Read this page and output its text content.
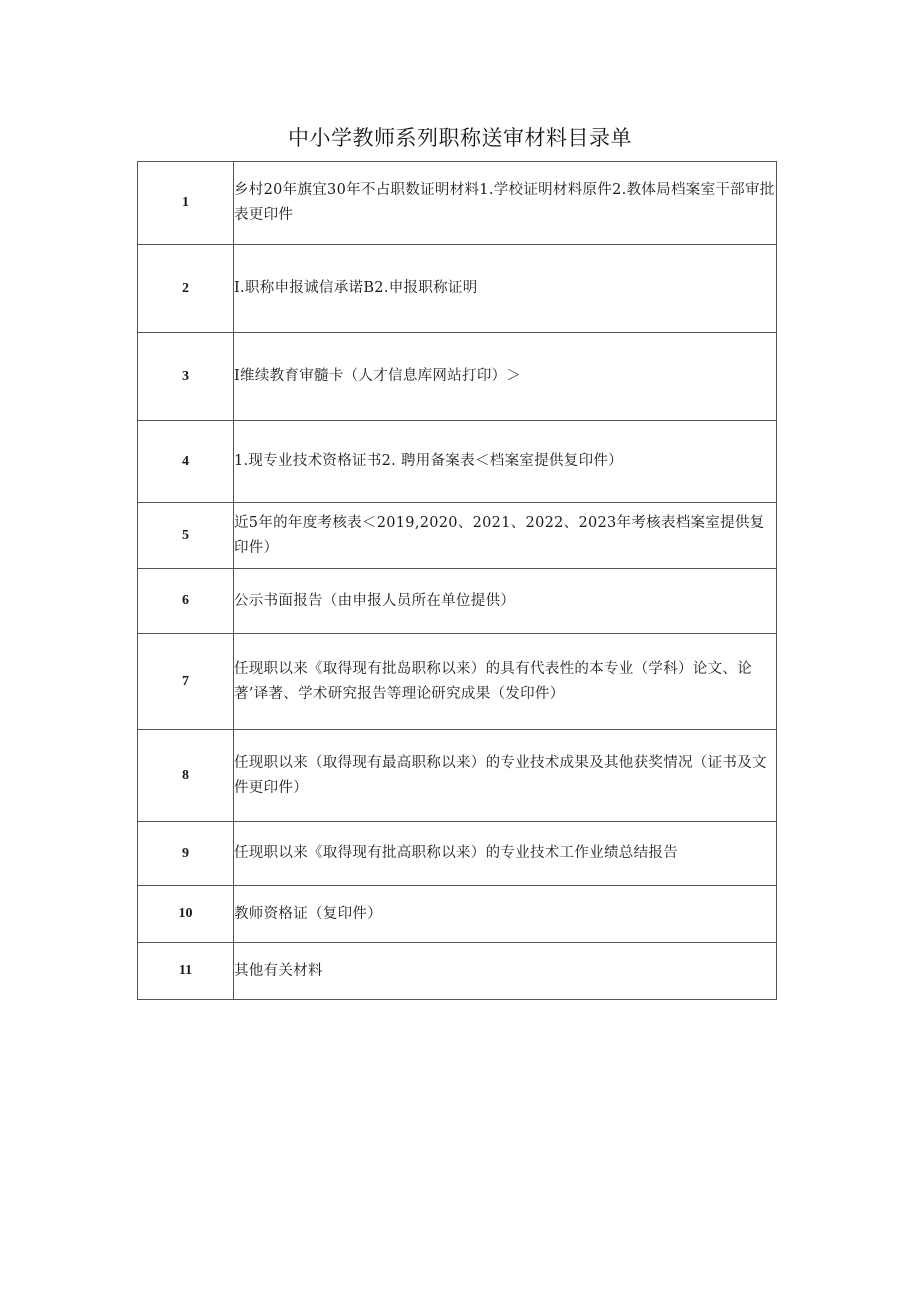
中小学教师系列职称送审材料目录单
1	乡村20年旗宜30年不占职数证明材料1.学校证明材料原件2.教体局档案室干部审批表更印件
2	I.职称申报诚信承诺B2.申报职称证明
3	I维续教育审髓卡（人才信息库网站打印）＞
4	1.现专业技术资格证书2. 聘用备案表＜档案室提供复印件）
5	近5年的年度考核表＜2019,2020、2021、2022、2023年考核表档案室提供复印件）
6	公示书面报告（由申报人员所在单位提供）
7	任现职以来《取得现有批岛职称以来）的具有代表性的本专业（学科）论文、论著’译著、学术研究报告等理论研究成果（发印件）
8	任现职以来（取得现有最高职称以来）的专业技术成果及其他获奖情况（证书及文件更印件）
9	任现职以来《取得现有批高职称以来）的专业技术工作业绩总结报告
10	教师资格证（复印件）
11	其他有关材料
